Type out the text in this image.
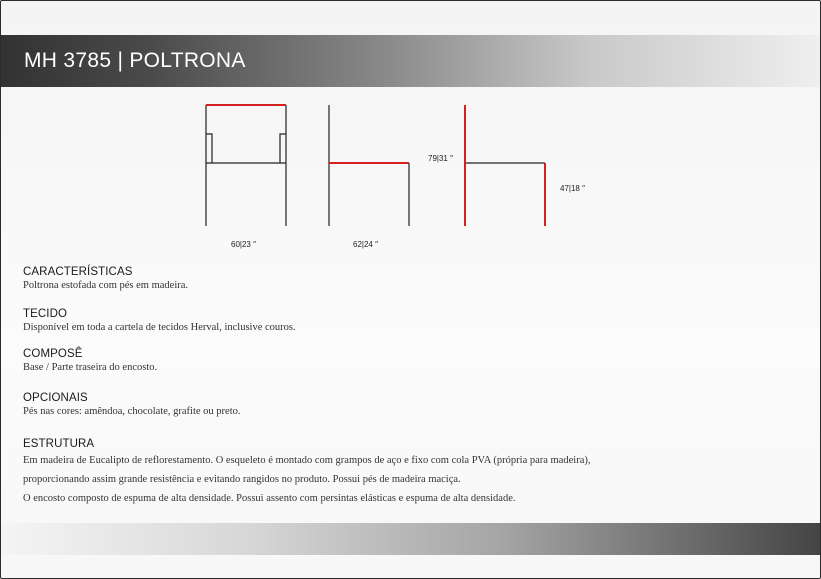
MH 3785 | POLTRONA
60|23 ″	62|24 ″
79|31 ″
47|18 ″
CARACTERÍSTICAS
Poltrona estofada com pés em madeira.
TECIDO
Disponível em toda a cartela de tecidos Herval, inclusive couros.
COMPOSÊ
Base / Parte traseira do encosto.
OPCIONAIS
Pés nas cores: amêndoa, chocolate, grafite ou preto.
ESTRUTURA

Em madeira de Eucalipto de reflorestamento. O esqueleto é montado com grampos de aço e fixo com cola PVA (própria para madeira),

proporcionando assim grande resistência e evitando rangidos no produto. Possui pés de madeira maciça.

O encosto composto de espuma de alta densidade. Possui assento com persintas elásticas e espuma de alta densidade.
